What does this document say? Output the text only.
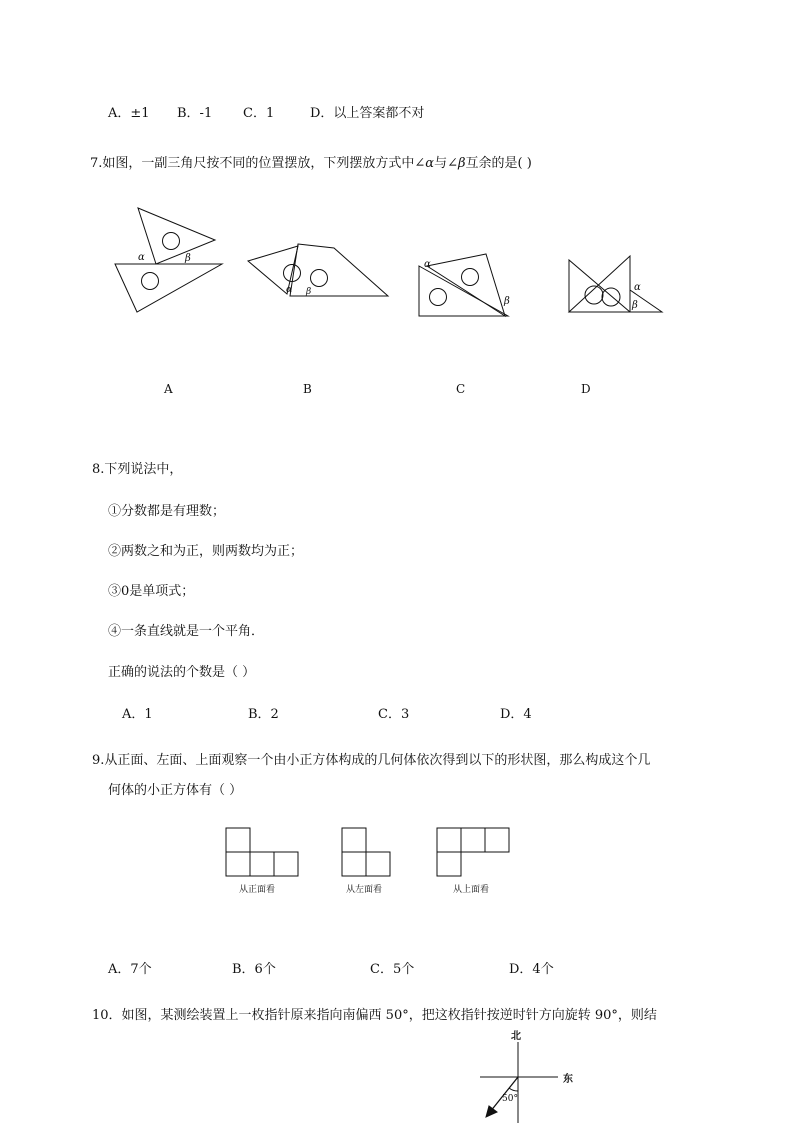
A．±1 B．-1 C．1	D．以上答案都不对
7.如图，一副三角尺按不同的位置摆放，下列摆放方式中∠α与∠β互余的是( )
α	β
α β
α
β
α
β
A	B	C	D
8.下列说法中，
①分数都是有理数；
②两数之和为正，则两数均为正；
③0是单项式；
④一条直线就是一个平角．
正确的说法的个数是（ ）
A．1	B．2	C．3	D．4
9.从正面、左面、上面观察一个由小正方体构成的几何体依次得到以下的形状图，那么构成这个几
何体的小正方体有（ ）
从正面看	从左面看	从上面看
A．7个	B．6个	C．5个	D．4个
10．如图，某测绘装置上一枚指针原来指向南偏西 50°，把这枚指针按逆时针方向旋转 90°，则结
北
东
50°
